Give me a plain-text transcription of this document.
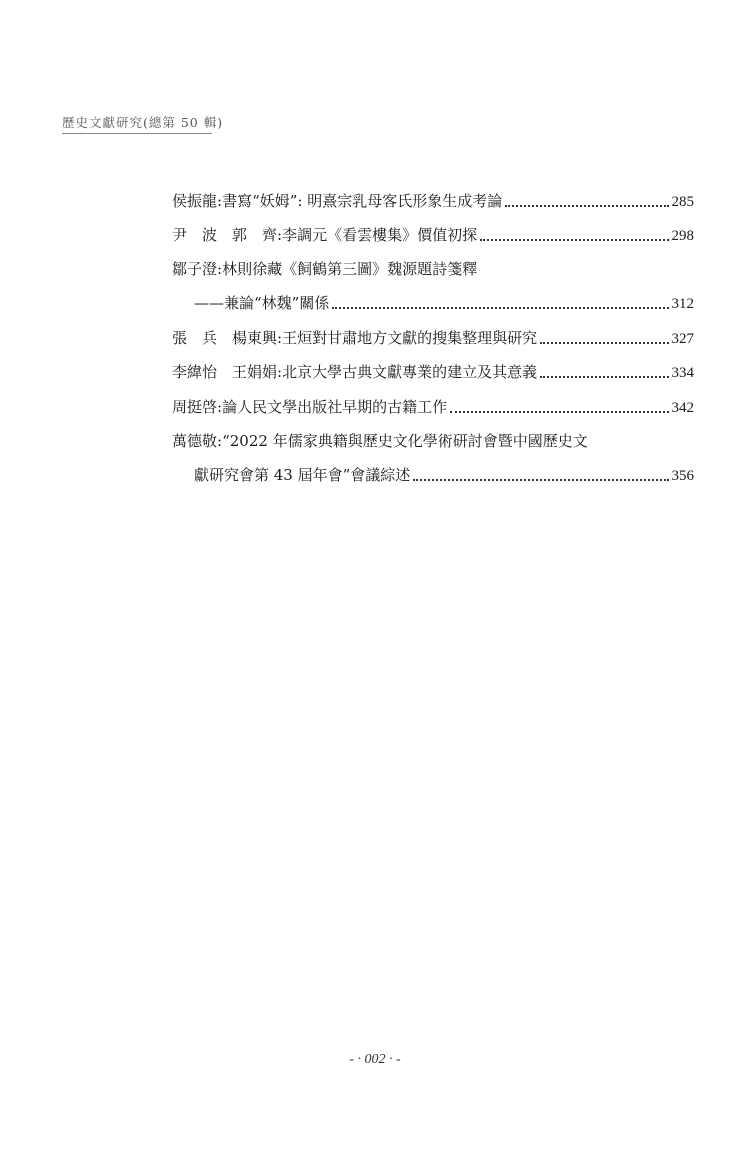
歷史文獻研究(總第 50 輯)
侯振龍 : 書寫“妖姆”: 明熹宗乳母客氏形象生成考論	285
尹　波　郭　齊 : 李調元《看雲樓集》價值初探	298
鄒子澄 : 林則徐藏《飼鶴第三圖》魏源題詩箋釋
——兼論“林魏”關係	312
張　兵　楊東興 : 王烜對甘肅地方文獻的搜集整理與研究	327
李緯怡　王娟娟 : 北京大學古典文獻專業的建立及其意義	334
周挺啓 : 論人民文學出版社早期的古籍工作	342
萬德敬 : “2022 年儒家典籍與歷史文化學術研討會暨中國歷史文
獻研究會第 43 屆年會”會議綜述	356
- · 002 · -
